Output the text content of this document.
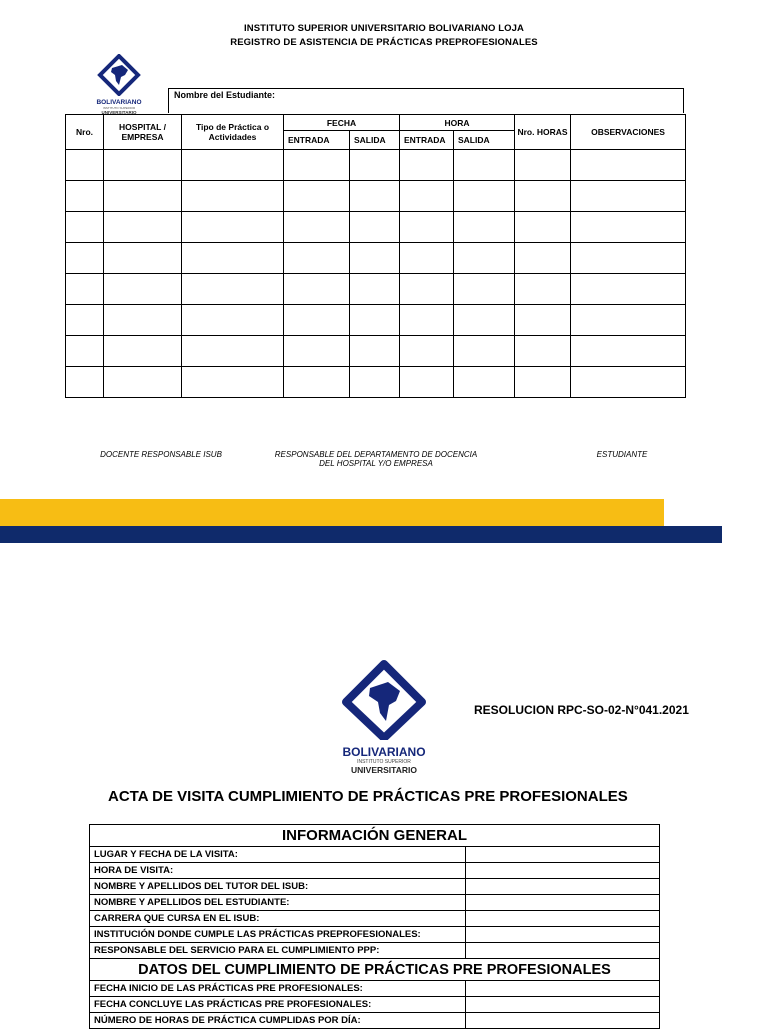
INSTITUTO SUPERIOR UNIVERSITARIO BOLIVARIANO LOJA
REGISTRO DE ASISTENCIA DE PRÁCTICAS PREPROFESIONALES
BOLIVARIANO
INSTITUTO SUPERIOR
UNIVERSITARIO
Nombre del Estudiante:
Nro.	HOSPITAL / EMPRESA	Tipo de Práctica o Actividades	FECHA		HORA		Nro. HORAS	OBSERVACIONES
			ENTRADA	SALIDA	ENTRADA	SALIDA		

DOCENTE RESPONSABLE ISUB	RESPONSABLE DEL DEPARTAMENTO DE DOCENCIA
DEL HOSPITAL Y/O EMPRESA
ESTUDIANTE
BOLIVARIANO
INSTITUTO SUPERIOR
UNIVERSITARIO
RESOLUCION RPC-SO-02-N°041.2021
ACTA DE VISITA CUMPLIMIENTO DE PRÁCTICAS PRE PROFESIONALES
INFORMACIÓN GENERAL	
LUGAR Y FECHA DE LA VISITA:	
HORA DE VISITA:	
NOMBRE Y APELLIDOS DEL TUTOR DEL ISUB:	
NOMBRE Y APELLIDOS DEL ESTUDIANTE:	
CARRERA QUE CURSA EN EL ISUB:	
INSTITUCIÓN DONDE CUMPLE LAS PRÁCTICAS PREPROFESIONALES:	
RESPONSABLE DEL SERVICIO PARA EL CUMPLIMIENTO PPP:	
DATOS DEL CUMPLIMIENTO DE PRÁCTICAS PRE PROFESIONALES	
FECHA INICIO DE LAS PRÁCTICAS PRE PROFESIONALES:	
FECHA CONCLUYE LAS PRÁCTICAS PRE PROFESIONALES:	
NÚMERO DE HORAS DE PRÁCTICA CUMPLIDAS POR DÍA:	
